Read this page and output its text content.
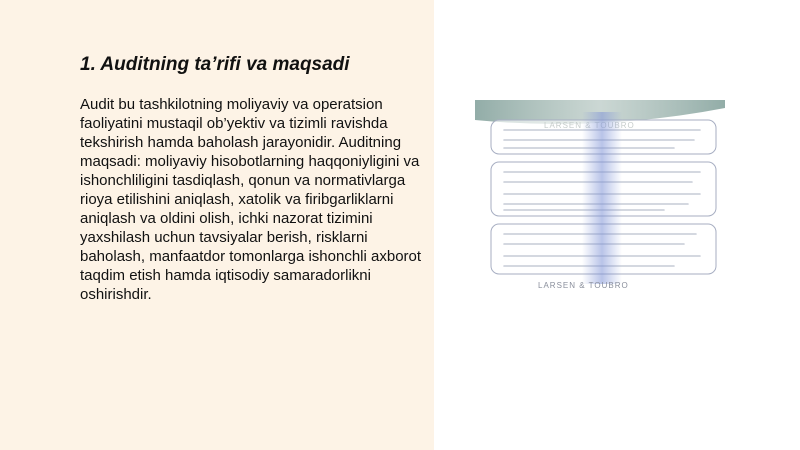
1. Auditning ta’rifi va maqsadi

Audit bu tashkilotning moliyaviy va operatsion faoliyatini mustaqil ob’yektiv va tizimli ravishda tekshirish hamda baholash jarayonidir. Auditning maqsadi: moliyaviy hisobotlarning haqqoniyligini va ishonchliligini tasdiqlash, qonun va normativlarga rioya etilishini aniqlash, xatolik va firibgarliklarni aniqlash va oldini olish, ichki nazorat tizimini yaxshilash uchun tavsiyalar berish, risklarni baholash, manfaatdor tomonlarga ishonchli axborot taqdim etish hamda iqtisodiy samaradorlikni oshirishdir.

LARSEN & TOUBRO
